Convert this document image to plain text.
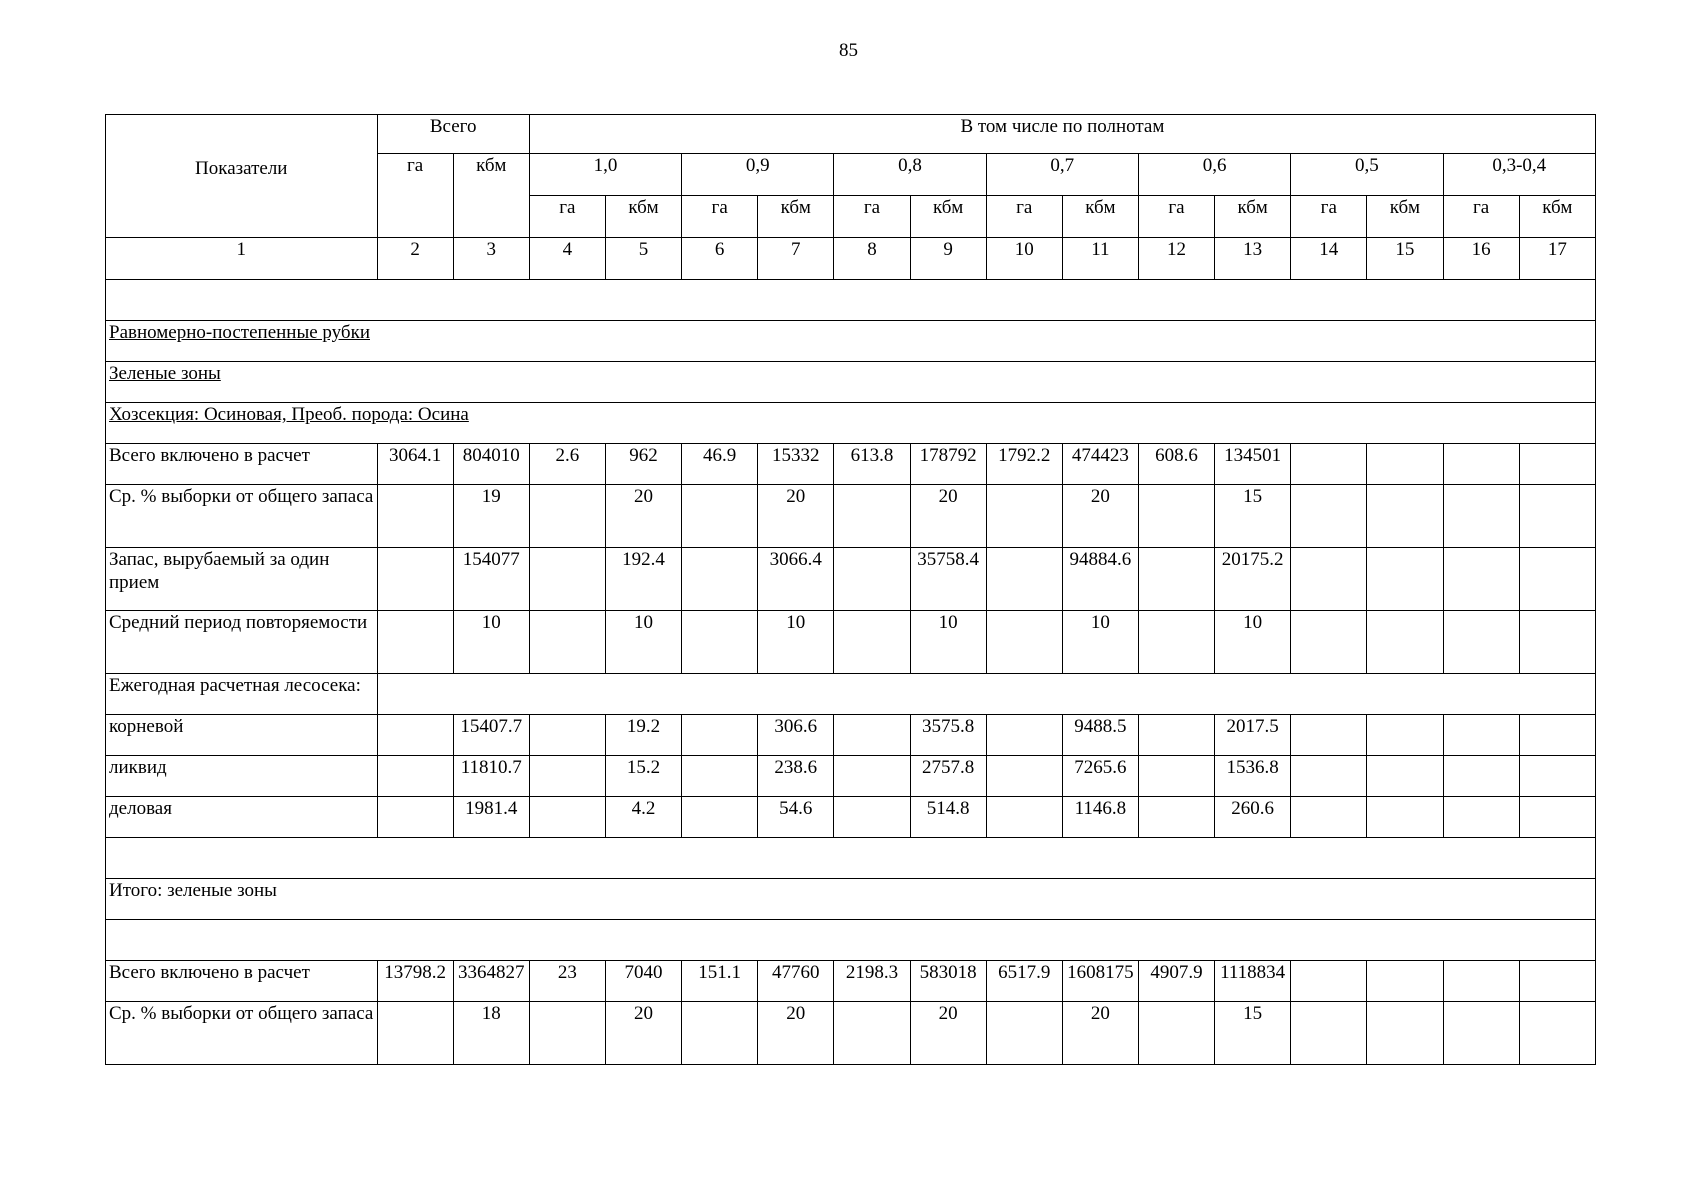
85
Показатели	Всего		В том числе по полнотам													
	га	кбм	1,0		0,9		0,8		0,7		0,6		0,5		0,3-0,4	
			га	кбм	га	кбм	га	кбм	га	кбм	га	кбм	га	кбм	га	кбм
1	2	3	4	5	6	7	8	9	10	11	12	13	14	15	16	17

Равномерно-постепенные рубки																
Зеленые зоны																
Хозсекция: Осиновая, Преоб. порода: Осина																
Всего включено в расчет	3064.1	804010	2.6	962	46.9	15332	613.8	178792	1792.2	474423	608.6	134501				
Ср. % выборки от общего запаса		19		20		20		20		20		15				
Запас, вырубаемый за один прием		154077		192.4		3066.4		35758.4		94884.6		20175.2				
Средний период повторяемости		10		10		10		10		10		10				
Ежегодная расчетная лесосека:																
корневой		15407.7		19.2		306.6		3575.8		9488.5		2017.5				
ликвид		11810.7		15.2		238.6		2757.8		7265.6		1536.8				
деловая		1981.4		4.2		54.6		514.8		1146.8		260.6				

Итого: зеленые зоны																

Всего включено в расчет	13798.2	3364827	23	7040	151.1	47760	2198.3	583018	6517.9	1608175	4907.9	1118834				
Ср. % выборки от общего запаса		18		20		20		20		20		15				
